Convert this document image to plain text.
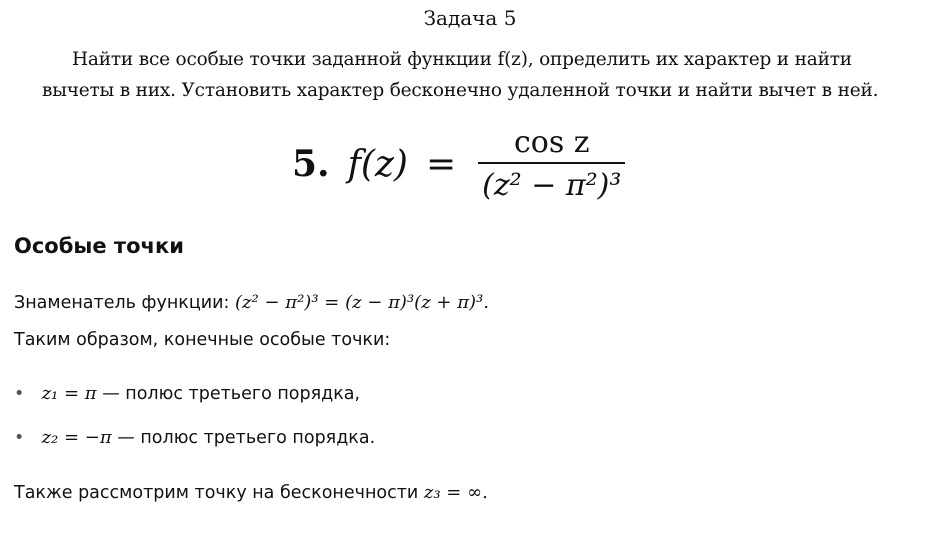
Задача 5
Найти все особые точки заданной функции f(z), определить их характер и найти вычеты в них. Установить характер бесконечно удаленной точки и найти вычет в ней.
5. $f(z) = \frac{\text{cos z}}{\text{(z² − π²)³}}$
Особые точки
Знаменатель функции: (z² − π²)³ = (z − π)³(z + π)³.
Таким образом, конечные особые точки:
• z₁ = π — полюс третьего порядка,
• z₂ = −π — полюс третьего порядка.
Также рассмотрим точку на бесконечности z₃ = ∞.
